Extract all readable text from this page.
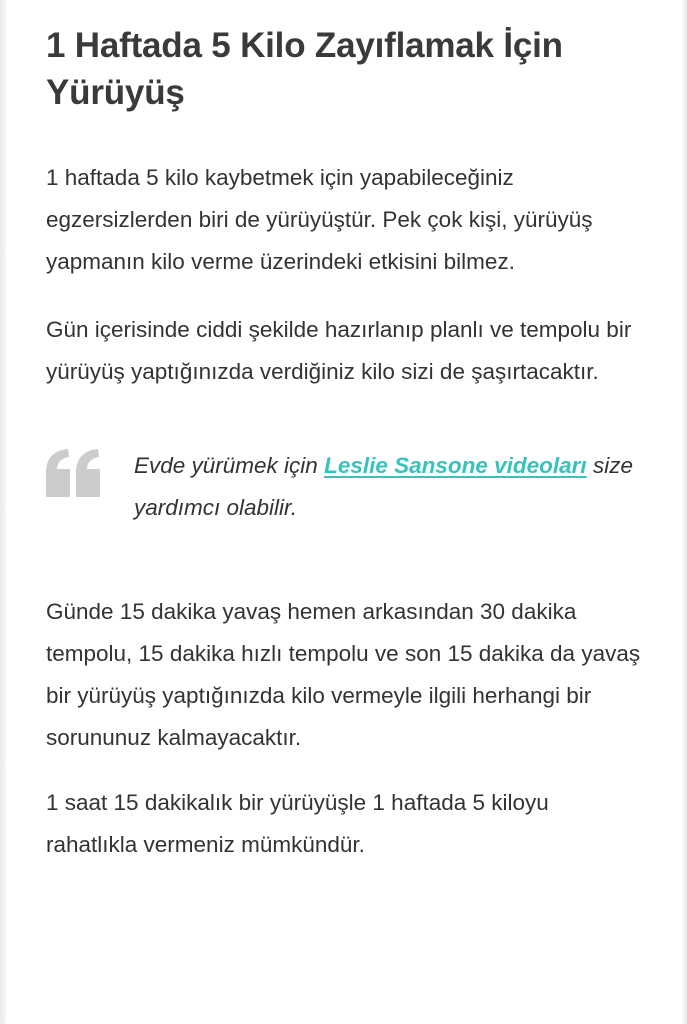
1 Haftada 5 Kilo Zayıflamak İçin Yürüyüş

1 haftada 5 kilo kaybetmek için yapabileceğiniz egzersizlerden biri de yürüyüştür. Pek çok kişi, yürüyüş yapmanın kilo verme üzerindeki etkisini bilmez.

Gün içerisinde ciddi şekilde hazırlanıp planlı ve tempolu bir yürüyüş yaptığınızda verdiğiniz kilo sizi de şaşırtacaktır.

Evde yürümek için Leslie Sansone videoları size yardımcı olabilir.

Günde 15 dakika yavaş hemen arkasından 30 dakika tempolu, 15 dakika hızlı tempolu ve son 15 dakika da yavaş bir yürüyüş yaptığınızda kilo vermeyle ilgili herhangi bir sorununuz kalmayacaktır.

1 saat 15 dakikalık bir yürüyüşle 1 haftada 5 kiloyu rahatlıkla vermeniz mümkündür.
